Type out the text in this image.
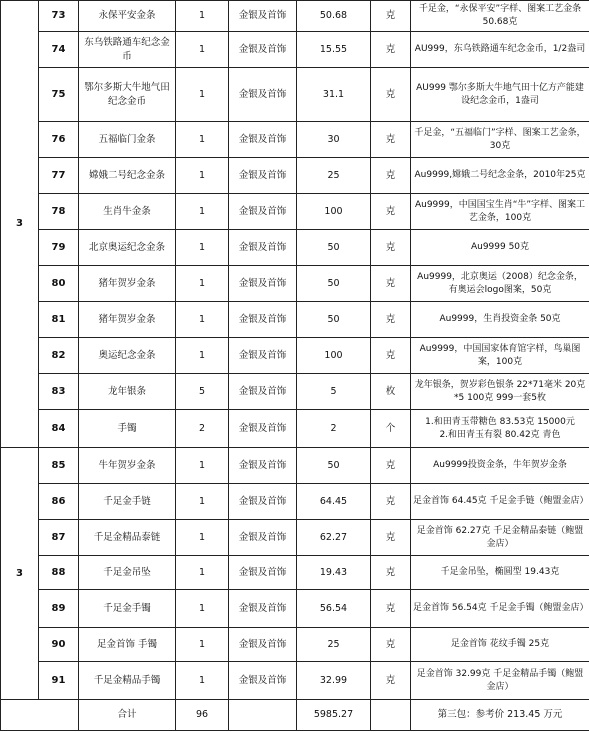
3	73	永保平安金条	1	金银及首饰	50.68	克	千足金，“永保平安”字样、图案工艺金条 50.68克
	74	东乌铁路通车纪念金币	1	金银及首饰	15.55	克	AU999，东乌铁路通车纪念金币，1/2盎司
	75	鄂尔多斯大牛地气田纪念金币	1	金银及首饰	31.1	克	AU999 鄂尔多斯大牛地气田十亿方产能建设纪念金币，1盎司
	76	五福临门金条	1	金银及首饰	30	克	千足金，“五福临门”字样、图案工艺金条，30克
	77	嫦娥二号纪念金条	1	金银及首饰	25	克	Au9999,嫦娥二号纪念金条，2010年25克
	78	生肖牛金条	1	金银及首饰	100	克	Au9999，中国国宝生肖“牛”字样、图案工艺金条，100克
	79	北京奥运纪念金条	1	金银及首饰	50	克	Au9999 50克
	80	猪年贺岁金条	1	金银及首饰	50	克	Au9999，北京奥运（2008）纪念金条，有奥运会logo图案，50克
	81	猪年贺岁金条	1	金银及首饰	50	克	Au9999，生肖投资金条 50克
	82	奥运纪念金条	1	金银及首饰	100	克	Au9999，中国国家体育馆字样，鸟巢图案，100克
	83	龙年银条	5	金银及首饰	5	枚	龙年银条，贺岁彩色银条 22*71毫米 20克*5 100克 999一套5枚
	84	手镯	2	金银及首饰	2	个	1.和田青玉带糖色 83.53克 15000元
2.和田青玉有裂 80.42克 青色
3	85	牛年贺岁金条	1	金银及首饰	50	克	Au9999投资金条，牛年贺岁金条
	86	千足金手链	1	金银及首饰	64.45	克	足金首饰 64.45克 千足金手链（鲍盟金店）
	87	千足金精品泰链	1	金银及首饰	62.27	克	足金首饰 62.27克 千足金精品泰链（鲍盟金店）
	88	千足金吊坠	1	金银及首饰	19.43	克	千足金吊坠，椭圆型 19.43克
	89	千足金手镯	1	金银及首饰	56.54	克	足金首饰 56.54克 千足金手镯（鲍盟金店）
	90	足金首饰 手镯	1	金银及首饰	25	克	足金首饰 花纹手镯 25克
	91	千足金精品手镯	1	金银及首饰	32.99	克	足金首饰 32.99克 千足金精品手镯（鲍盟金店）
		合计	96		5985.27		第三包：参考价 213.45 万元
